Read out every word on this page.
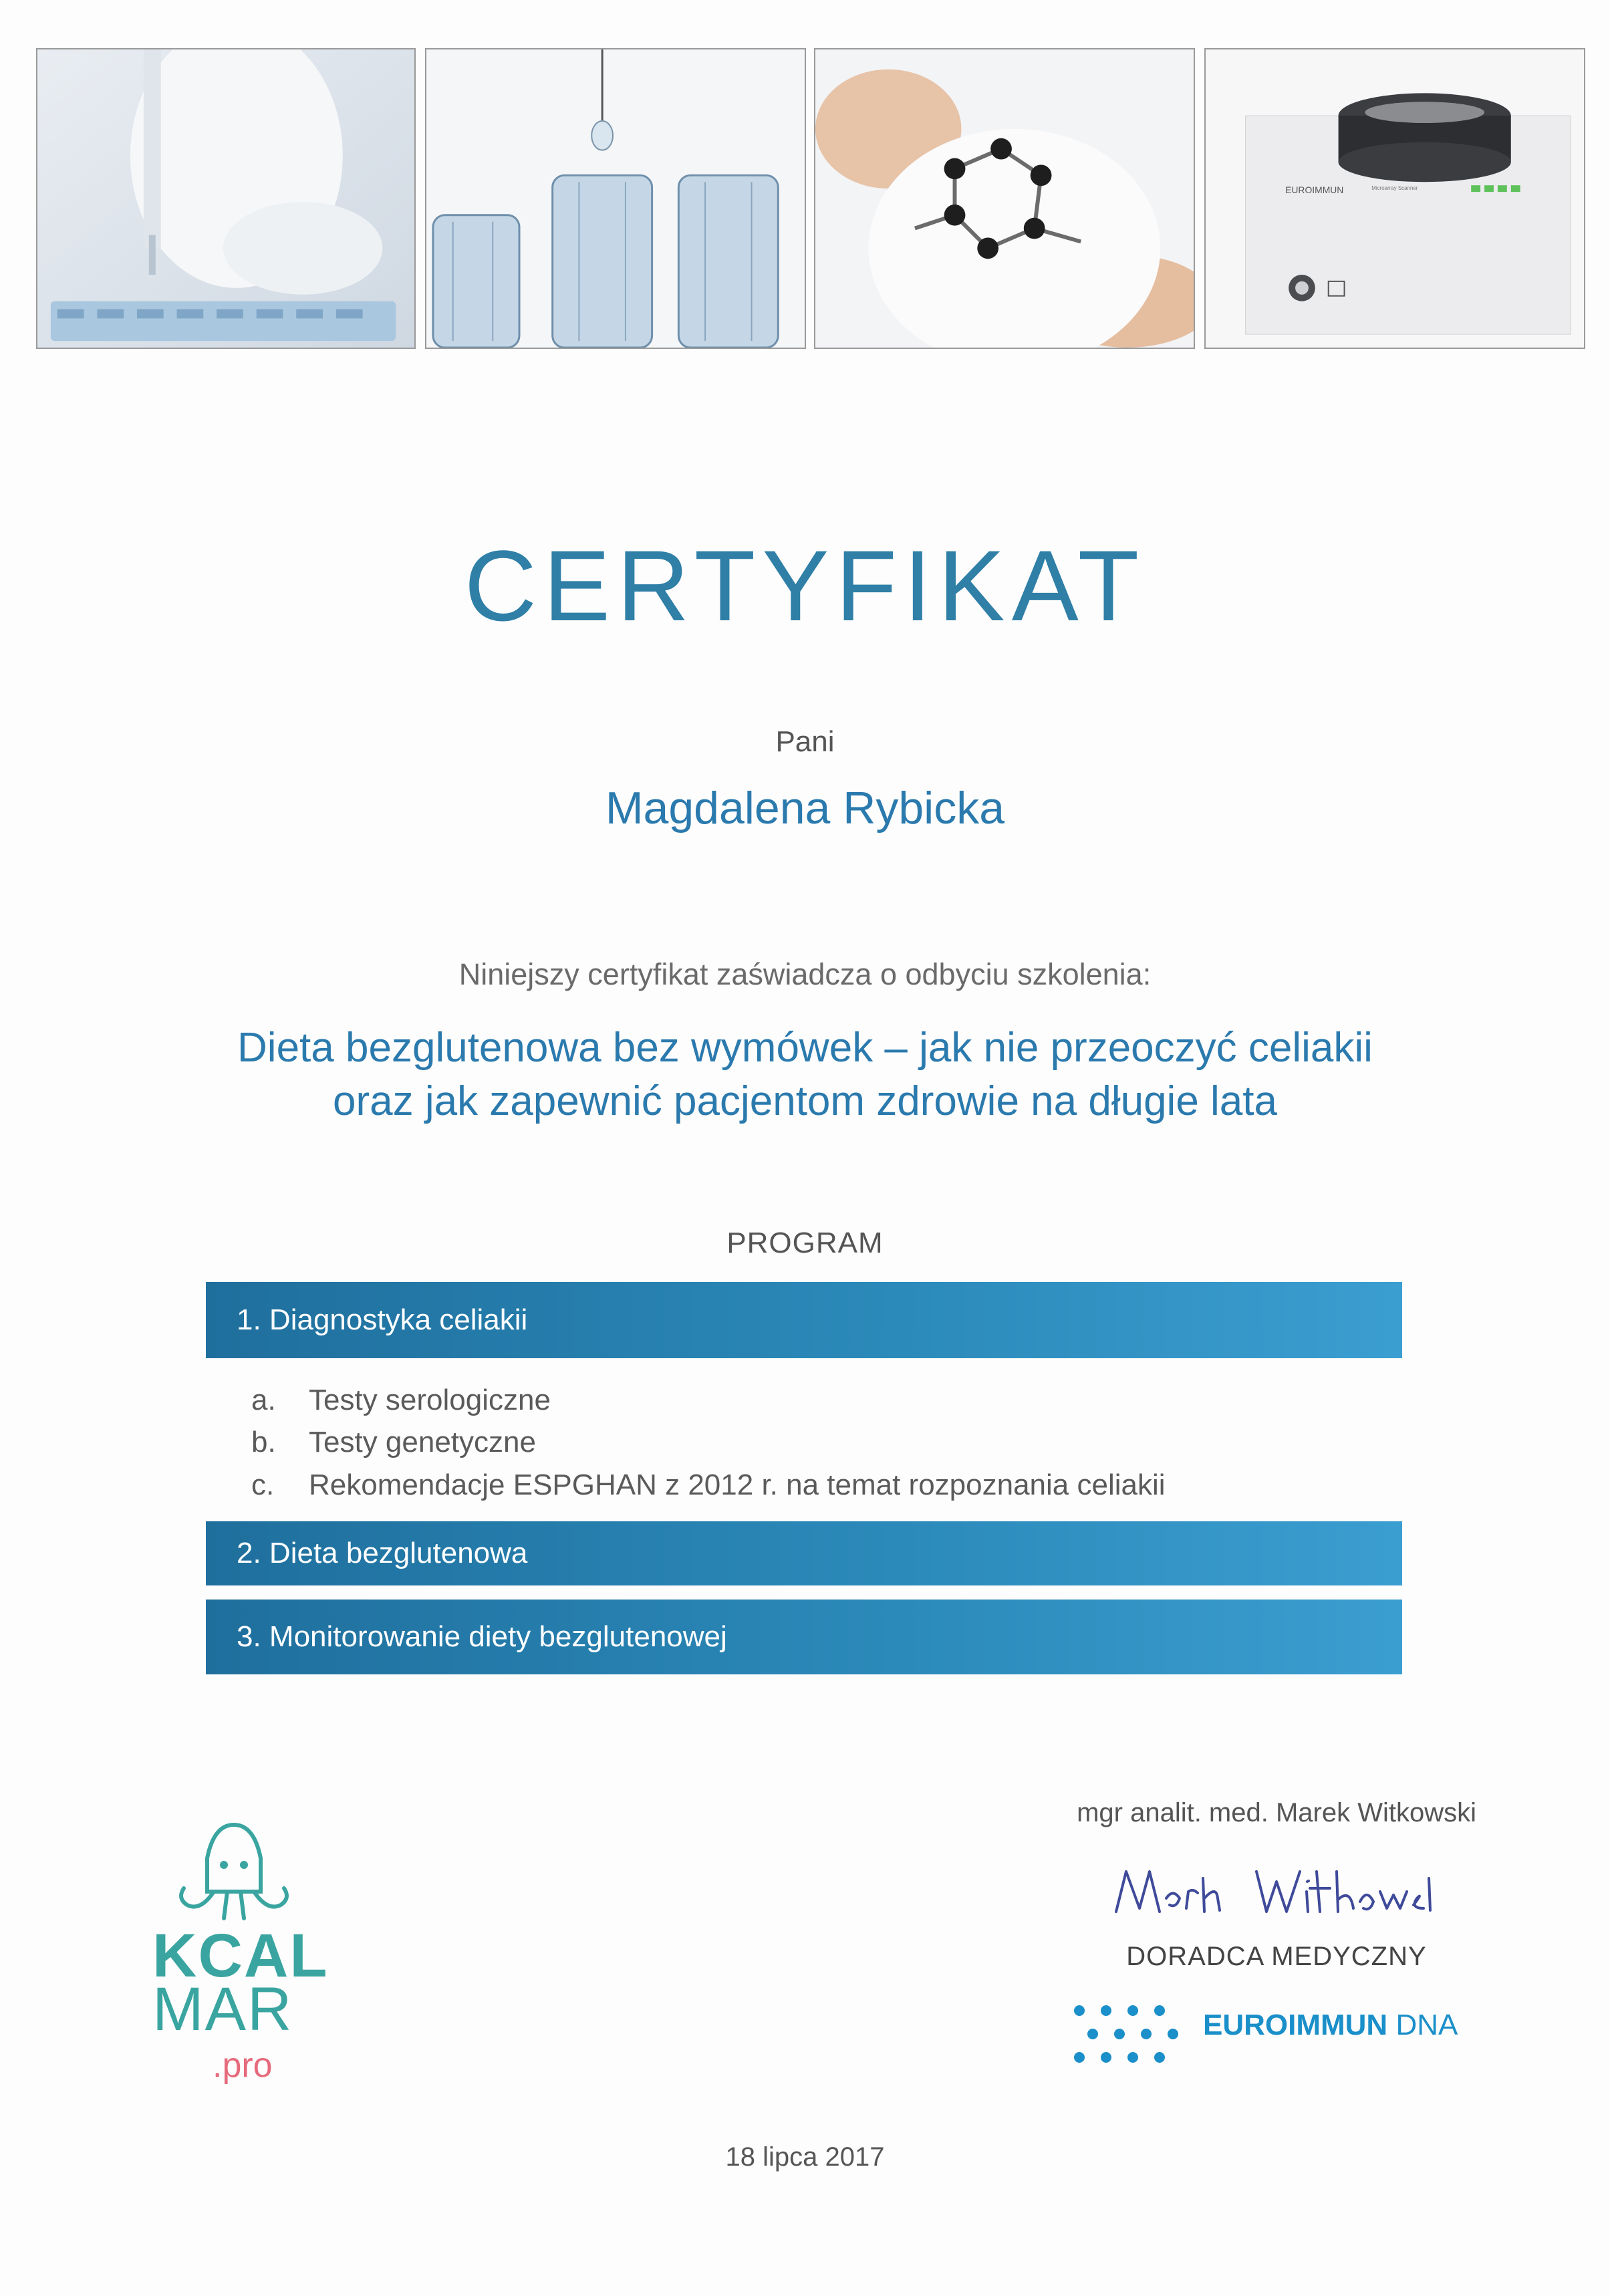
EUROIMMUN	Microarray Scanner
CERTYFIKAT
Pani
Magdalena Rybicka
Niniejszy certyfikat zaświadcza o odbyciu szkolenia:
Dieta bezglutenowa bez wymówek – jak nie przeoczyć celiakii
oraz jak zapewnić pacjentom zdrowie na długie lata
PROGRAM
1. Diagnostyka celiakii
a. Testy serologiczne
b. Testy genetyczne
c. Rekomendacje ESPGHAN z 2012 r. na temat rozpoznania celiakii
2. Dieta bezglutenowa
3. Monitorowanie diety bezglutenowej
KCAL
MAR
.pro
mgr analit. med. Marek Witkowski
DORADCA MEDYCZNY
EUROIMMUN DNA
18 lipca 2017
